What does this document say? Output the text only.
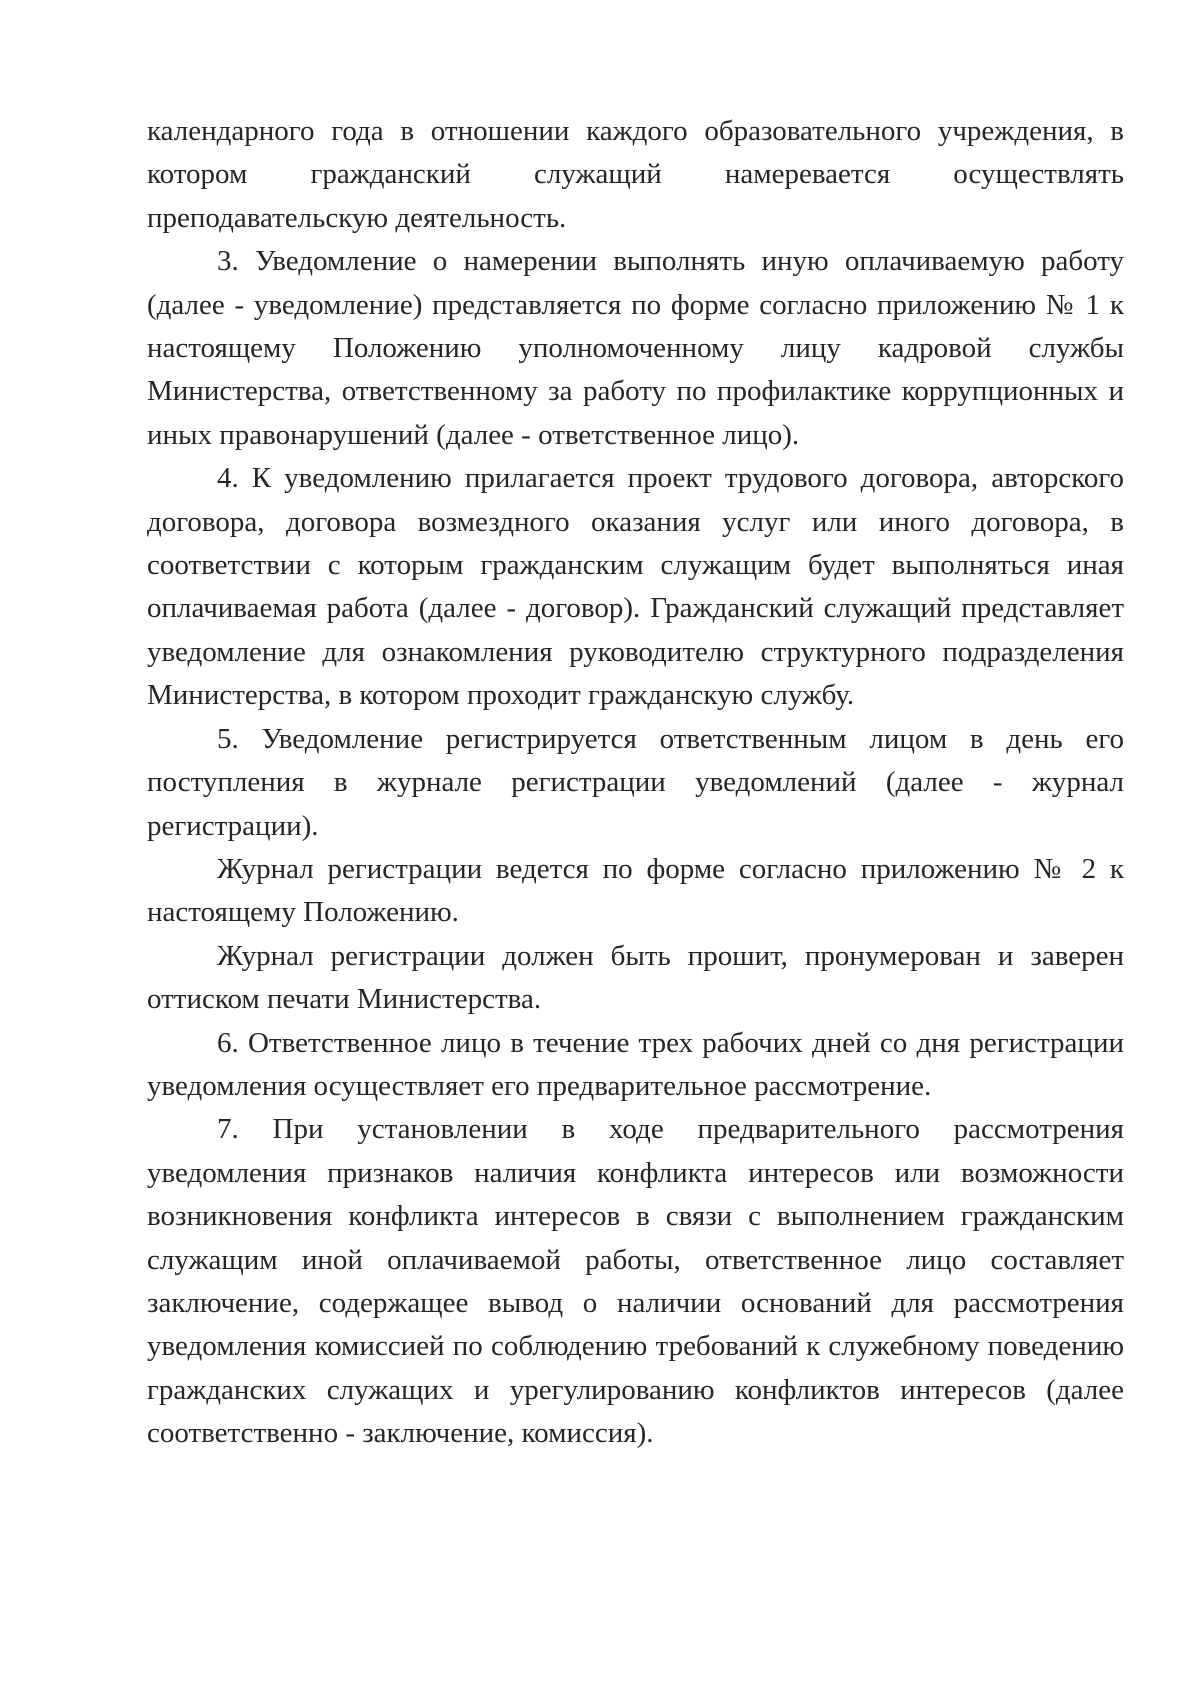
календарного года в отношении каждого образовательного учреждения, в котором гражданский служащий намеревается осуществлять преподавательскую деятельность.

3. Уведомление о намерении выполнять иную оплачиваемую работу (далее - уведомление) представляется по форме согласно приложению № 1 к настоящему Положению уполномоченному лицу кадровой службы Министерства, ответственному за работу по профилактике коррупционных и иных правонарушений (далее - ответственное лицо).

4. К уведомлению прилагается проект трудового договора, авторского договора, договора возмездного оказания услуг или иного договора, в соответствии с которым гражданским служащим будет выполняться иная оплачиваемая работа (далее - договор). Гражданский служащий представляет уведомление для ознакомления руководителю структурного подразделения Министерства, в котором проходит гражданскую службу.

5. Уведомление регистрируется ответственным лицом в день его поступления в журнале регистрации уведомлений (далее - журнал регистрации).

Журнал регистрации ведется по форме согласно приложению № 2 к настоящему Положению.

Журнал регистрации должен быть прошит, пронумерован и заверен оттиском печати Министерства.

6. Ответственное лицо в течение трех рабочих дней со дня регистрации уведомления осуществляет его предварительное рассмотрение.

7. При установлении в ходе предварительного рассмотрения уведомления признаков наличия конфликта интересов или возможности возникновения конфликта интересов в связи с выполнением гражданским служащим иной оплачиваемой работы, ответственное лицо составляет заключение, содержащее вывод о наличии оснований для рассмотрения уведомления комиссией по соблюдению требований к служебному поведению гражданских служащих и урегулированию конфликтов интересов (далее соответственно - заключение, комиссия).
